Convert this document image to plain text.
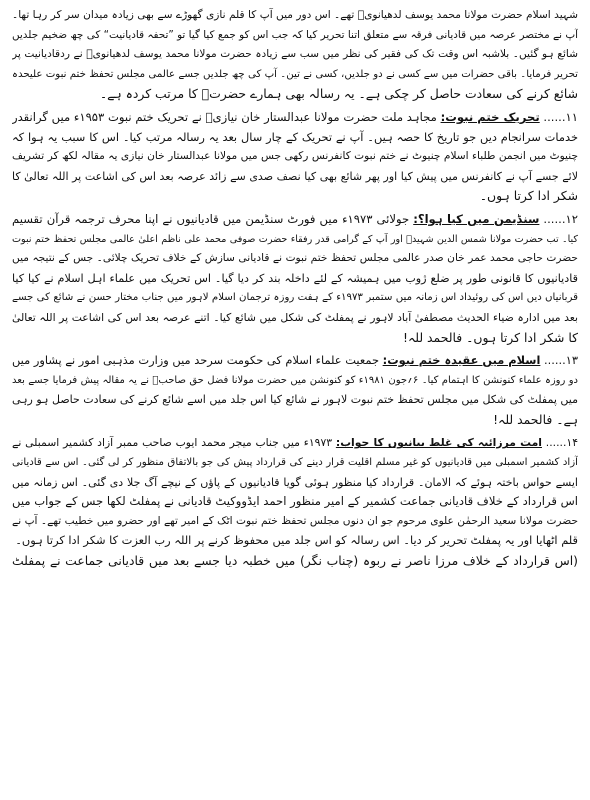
شہید اسلام حضرت مولانا محمد یوسف لدھیانویؒ تھے۔ اس دور میں آپ کا قلم نازی گھوڑے سے بھی زیادہ میدان سر کر رہا تھا۔
آپ نے مختصر عرصہ میں قادیانی فرقہ سے متعلق اتنا تحریر کیا کہ جب اس کو جمع کیا گیا تو ”تحفہ قادیانیت“ کی چھ ضخیم جلدیں
شائع ہو گئیں۔ بلاشبہ اس وقت تک کی فقیر کی نظر میں سب سے زیادہ حضرت مولانا محمد یوسف لدھیانویؒ نے ردقادیانیت پر
تحریر فرمایا۔ باقی حضرات میں سے کسی نے دو جلدیں، کسی نے تین۔ آپ کی چھ جلدیں جسے عالمی مجلس تحفظ ختم نبوت علیحدہ
شائع کرنے کی سعادت حاصل کر چکی ہے۔ یہ رسالہ بھی ہمارے حضرتؒ کا مرتب کردہ ہے۔
۱۱...... تحریک ختم نبوت: مجاہد ملت حضرت مولانا عبدالستار خان نیازیؒ نے تحریک ختم نبوت ۱۹۵۳ء میں گرانقدر
خدمات سرانجام دیں جو تاریخ کا حصہ ہیں۔ آپ نے تحریک کے چار سال بعد یہ رسالہ مرتب کیا۔ اس کا سبب یہ ہوا کہ
چنیوٹ میں انجمن طلباء اسلام چنیوٹ نے ختم نبوت کانفرنس رکھی جس میں مولانا عبدالستار خان نیازی یہ مقالہ لکھ کر تشریف
لائے جسے آپ نے کانفرنس میں پیش کیا اور پھر شائع بھی کیا نصف صدی سے زائد عرصہ بعد اس کی اشاعت پر اللہ تعالیٰ کا
شکر ادا کرتا ہوں۔
۱۲...... سنڈیمن میں کیا ہوا؟: جولائی ۱۹۷۳ء میں فورٹ سنڈیمن میں قادیانیوں نے اپنا محرف ترجمہ قرآن تقسیم
کیا۔ تب حضرت مولانا شمس الدین شہیدؒ اور آپ کے گرامی قدر رفقاء حضرت صوفی محمد علی ناظم اعلیٰ عالمی مجلس تحفظ ختم نبوت
حضرت حاجی محمد عمر خان صدر عالمی مجلس تحفظ ختم نبوت نے قادیانی سازش کے خلاف تحریک چلائی۔ جس کے نتیجہ میں
قادیانیوں کا قانونی طور پر ضلع ژوب میں ہمیشہ کے لئے داخلہ بند کر دیا گیا۔ اس تحریک میں علماء اہل اسلام نے کیا کیا
قربانیاں دیں اس کی روئیداد اس زمانہ میں ستمبر ۱۹۷۳ء کے ہفت روزہ ترجمان اسلام لاہور میں جناب مختار حسن نے شائع کی جسے
بعد میں ادارہ ضیاء الحدیث مصطفیٰ آباد لاہور نے پمفلٹ کی شکل میں شائع کیا۔ اتنے عرصہ بعد اس کی اشاعت پر اللہ تعالیٰ
کا شکر ادا کرتا ہوں۔ فالحمد للہ!
۱۳...... اسلام میں عقیدہ ختم نبوت: جمعیت علماء اسلام کی حکومت سرحد میں وزارت مذہبی امور نے پشاور میں
دو روزہ علماء کنونشن کا اہتمام کیا۔ ۶؍جون ۱۹۸۱ء کو کنونشن میں حضرت مولانا فضل حق صاحبؒ نے یہ مقالہ پیش فرمایا جسے بعد
میں پمفلٹ کی شکل میں مجلس تحفظ ختم نبوت لاہور نے شائع کیا اس جلد میں اسے شائع کرنے کی سعادت حاصل ہو رہی
ہے۔ فالحمد للہ!
۱۴...... امت مرزائیہ کی غلط بیانیوں کا جواب: ۱۹۷۳ء میں جناب میجر محمد ایوب صاحب ممبر آزاد کشمیر اسمبلی نے
آزاد کشمیر اسمبلی میں قادیانیوں کو غیر مسلم اقلیت قرار دینے کی قرارداد پیش کی جو بالاتفاق منظور کر لی گئی۔ اس سے قادیانی
ایسے حواس باختہ ہوئے کہ الامان۔ قرارداد کیا منظور ہوئی گویا قادیانیوں کے پاؤں کے نیچے آگ جلا دی گئی۔ اس زمانہ میں
اس قرارداد کے خلاف قادیانی جماعت کشمیر کے امیر منظور احمد ایڈووکیٹ قادیانی نے پمفلٹ لکھا جس کے جواب میں
حضرت مولانا سعید الرحمٰن علوی مرحوم جو ان دنوں مجلس تحفظ ختم نبوت اٹک کے امیر تھے اور حضرو میں خطیب تھے۔ آپ نے
قلم اٹھایا اور یہ پمفلٹ تحریر کر دیا۔ اس رسالہ کو اس جلد میں محفوظ کرنے پر اللہ رب العزت کا شکر ادا کرتا ہوں۔
(اس قرارداد کے خلاف مرزا ناصر نے ربوہ (چناب نگر) میں خطبہ دیا جسے بعد میں قادیانی جماعت نے پمفلٹ
